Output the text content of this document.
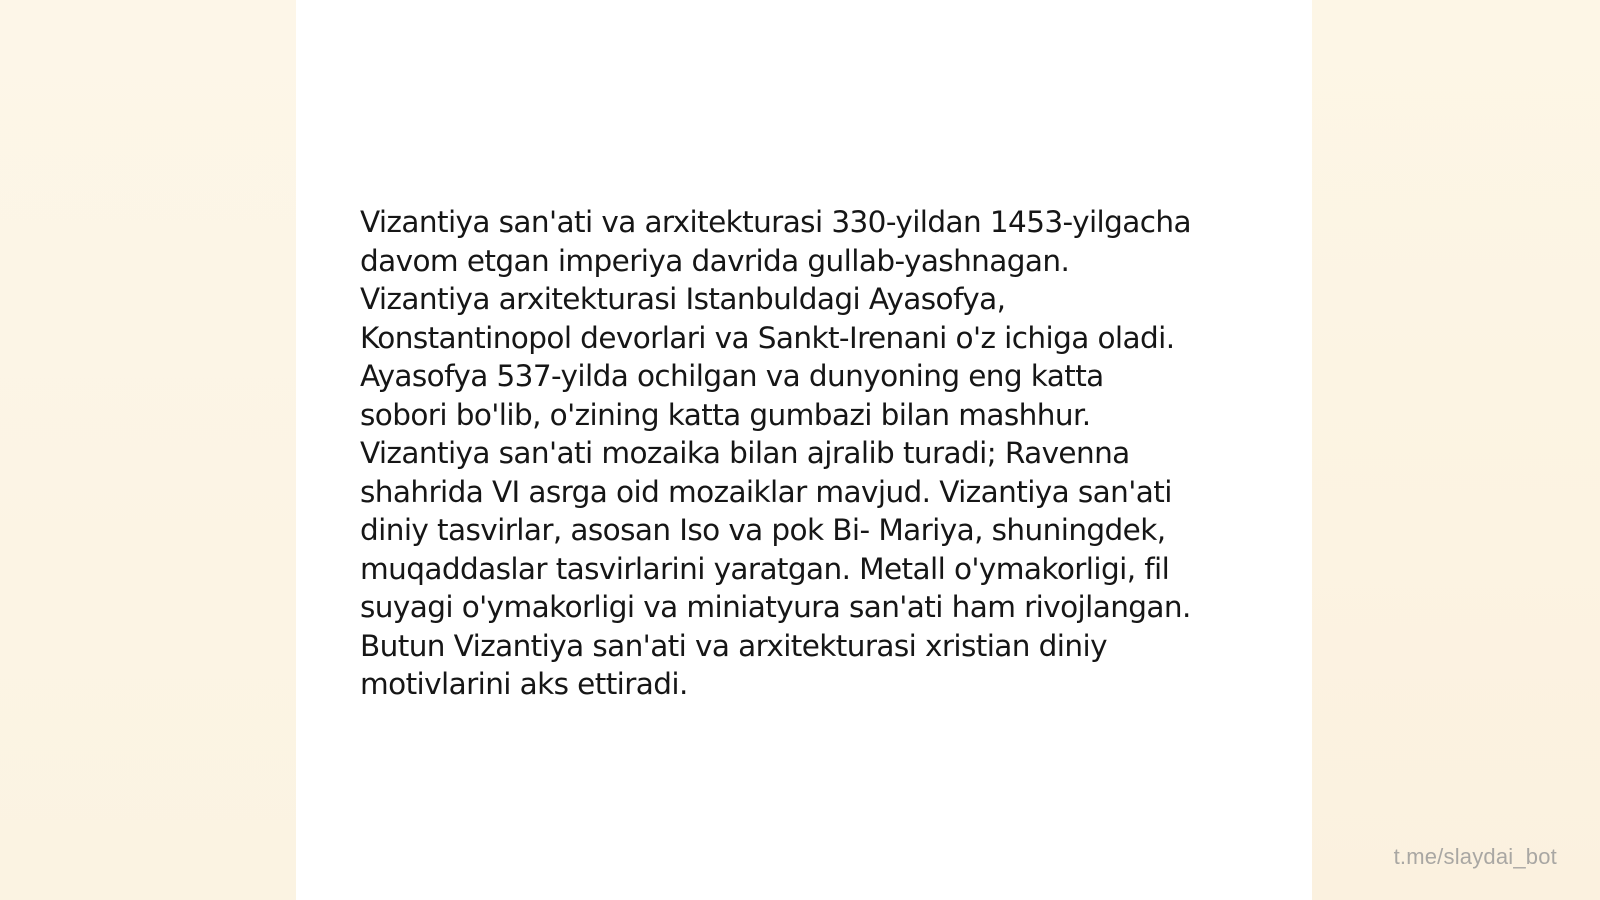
Vizantiya san'ati va arxitekturasi 330-yildan 1453-yilgacha
davom etgan imperiya davrida gullab-yashnagan.
Vizantiya arxitekturasi Istanbuldagi Ayasofya,
Konstantinopol devorlari va Sankt-Irenani o'z ichiga oladi.
Ayasofya 537-yilda ochilgan va dunyoning eng katta
sobori bo'lib, o'zining katta gumbazi bilan mashhur.
Vizantiya san'ati mozaika bilan ajralib turadi; Ravenna
shahrida VI asrga oid mozaiklar mavjud. Vizantiya san'ati
diniy tasvirlar, asosan Iso va pok Bi- Mariya, shuningdek,
muqaddaslar tasvirlarini yaratgan. Metall o'ymakorligi, fil
suyagi o'ymakorligi va miniatyura san'ati ham rivojlangan.
Butun Vizantiya san'ati va arxitekturasi xristian diniy
motivlarini aks ettiradi.

t.me/slaydai_bot
